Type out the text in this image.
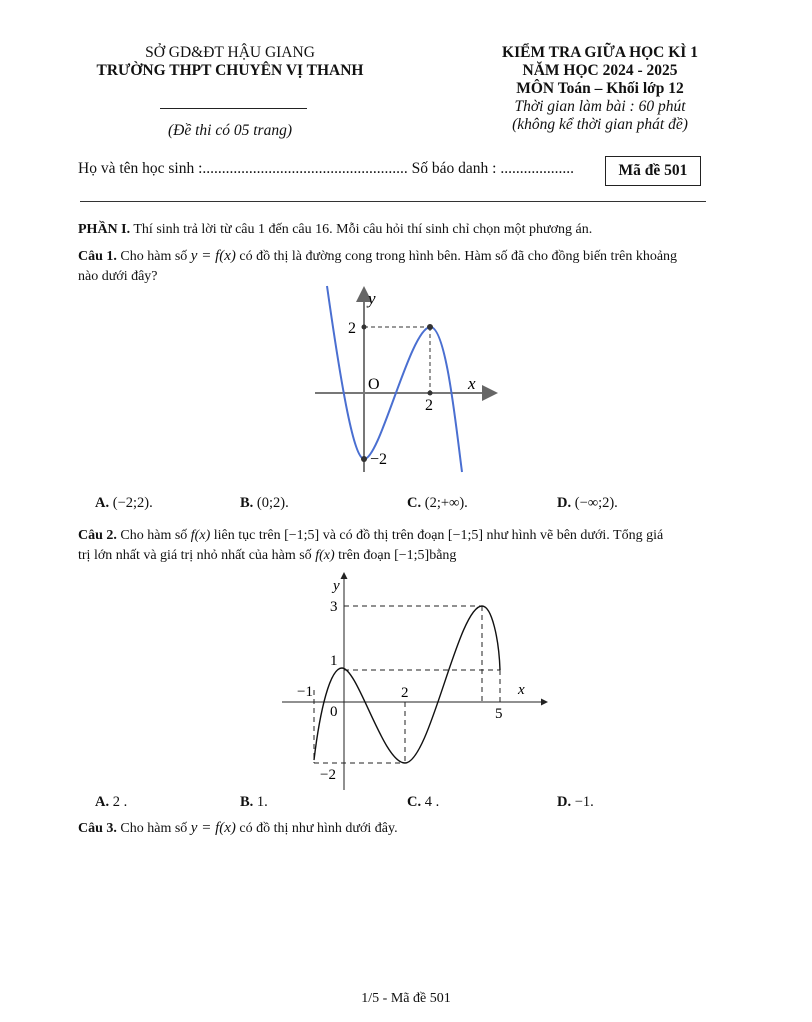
SỞ GD&ĐT HẬU GIANG
TRƯỜNG THPT CHUYÊN VỊ THANH
(Đề thi có 05 trang)
KIỂM TRA GIỮA HỌC KÌ 1
NĂM HỌC 2024 - 2025
MÔN Toán – Khối lớp 12
Thời gian làm bài : 60 phút
(không kể thời gian phát đề)
Họ và tên học sinh :..................................................... Số báo danh : ...................	Mã đề 501
PHẦN I. Thí sinh trả lời từ câu 1 đến câu 16. Mỗi câu hỏi thí sinh chỉ chọn một phương án.
Câu 1. Cho hàm số y = f(x) có đồ thị là đường cong trong hình bên. Hàm số đã cho đồng biến trên khoảng
nào dưới đây?
y
x
O
2
−2
2
A. (−2;2).	B. (0;2).	C. (2;+∞).	D. (−∞;2).
Câu 2. Cho hàm số f(x) liên tục trên [−1;5] và có đồ thị trên đoạn [−1;5] như hình vẽ bên dưới. Tổng giá
trị lớn nhất và giá trị nhỏ nhất của hàm số f(x) trên đoạn [−1;5]bằng
y
x
3
1
−2
−1
0
2
5
A. 2 .	B. 1.	C. 4 .	D. −1.
Câu 3. Cho hàm số y = f(x) có đồ thị như hình dưới đây.
1/5 - Mã đề 501
